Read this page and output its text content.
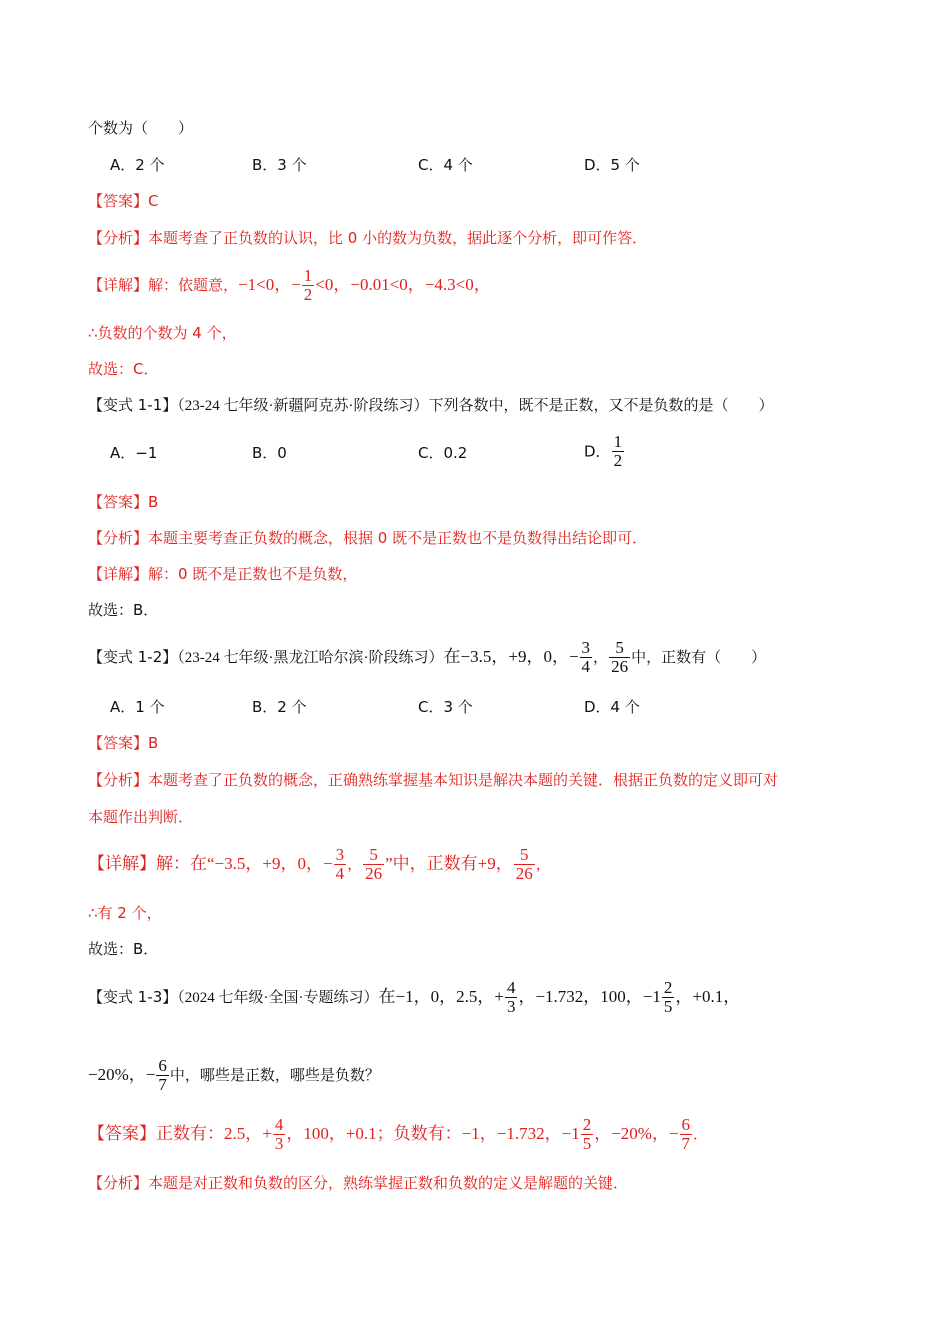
个数为（　　）
A．2 个	B．3 个	C．4 个	D．5 个
【答案】C
【分析】本题考查了正负数的认识，比 0 小的数为负数，据此逐个分析，即可作答．
【详解】解：依题意，−1<0，− $\frac{1}{2} <0$，−0.01<0，−4.3<0，
∴负数的个数为 4 个，
故选：C．
【变式 1-1】（23-24 七年级·新疆阿克苏·阶段练习）下列各数中，既不是正数，又不是负数的是（　　）
A．−1	B．0	C．0.2	D． $\frac{1}{2}$
【答案】B
【分析】本题主要考查正负数的概念，根据 0 既不是正数也不是负数得出结论即可．
【详解】解：0 既不是正数也不是负数，
故选：B．
【变式 1-2】（23-24 七年级·黑龙江哈尔滨·阶段练习）在−3.5，+9，0，− $\frac{3}{4}$ ， $\frac{5}{26}$ 中，正数有（　　）
A．1 个	B．2 个	C．3 个	D．4 个
【答案】B
【分析】本题考查了正负数的概念，正确熟练掌握基本知识是解决本题的关键．根据正负数的定义即可对
本题作出判断．
【详解】解：在“−3.5，+9，0，− $\frac{3}{4}$ ， $\frac{5}{26}$ ”中，正数有+9， $\frac{5}{26}$ ，
∴有 2 个，
故选：B．
【变式 1-3】（2024 七年级·全国·专题练习）在−1，0，2.5，+ $\frac{4}{3}$ ，−1.732，100，$-1 \frac{2}{5}$ ，+0.1，
−20%，− $\frac{6}{7}$ 中，哪些是正数，哪些是负数？
【答案】正数有：2.5，+ $\frac{4}{3}$ ，100，+0.1；负数有：−1，−1.732，$-1 \frac{2}{5}$ ，−20%，− $\frac{6}{7}$ ．
【分析】本题是对正数和负数的区分，熟练掌握正数和负数的定义是解题的关键．
